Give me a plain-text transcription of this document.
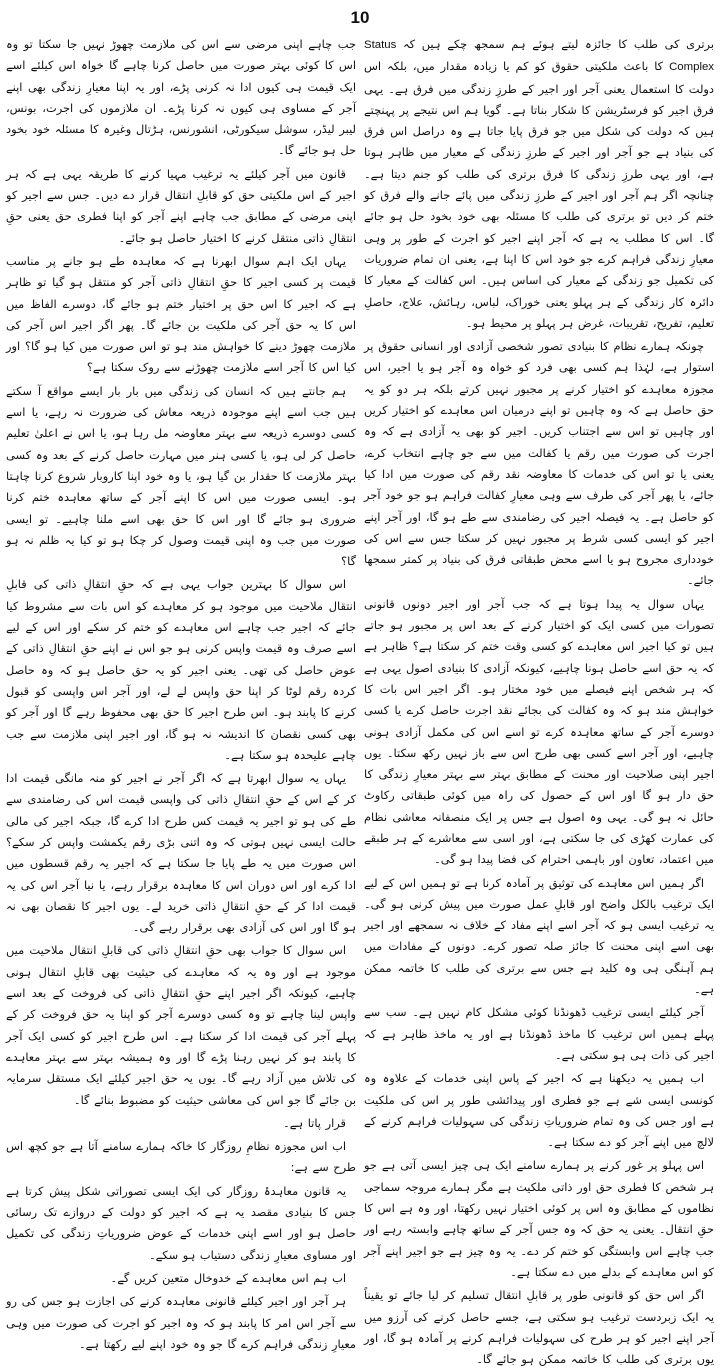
10

برتری کی طلب کا جائزہ لیتے ہوئے ہم سمجھ چکے ہیں کہ Status Complex کا باعث ملکیتی حقوق کو کم یا زیادہ مقدار میں، بلکہ اس دولت کا استعمال یعنی آجر اور اجیر کے طرزِ زندگی میں فرق ہے۔ یہی فرق اجیر کو فرسٹریشن کا شکار بناتا ہے۔ گویا ہم اس نتیجے پر پہنچتے ہیں کہ دولت کی شکل میں جو فرق پایا جاتا ہے وہ دراصل اس فرق کی بنیاد ہے جو آجر اور اجیر کے طرزِ زندگی کے معیار میں ظاہر ہوتا ہے، اور یہی طرزِ زندگی کا فرق برتری کی طلب کو جنم دیتا ہے۔ چنانچہ اگر ہم آجر اور اجیر کے طرزِ زندگی میں پائے جانے والے فرق کو ختم کر دیں تو برتری کی طلب کا مسئلہ بھی خود بخود حل ہو جائے گا۔ اس کا مطلب یہ ہے کہ آجر اپنے اجیر کو اجرت کے طور پر وہی معیارِ زندگی فراہم کرے جو خود اس کا اپنا ہے، یعنی ان تمام ضروریات کی تکمیل جو زندگی کے معیار کی اساس ہیں۔ اس کفالت کے معیار کا دائرہ کار زندگی کے ہر پہلو یعنی خوراک، لباس، رہائش، علاج، حاصلِ تعلیم، تفریح، تقریبات، غرض ہر پہلو پر محیط ہو۔

چونکہ ہمارے نظام کا بنیادی تصور شخصی آزادی اور انسانی حقوق پر استوار ہے، لہٰذا ہم کسی بھی فرد کو خواہ وہ آجر ہو یا اجیر، اس مجوزہ معاہدے کو اختیار کرنے پر مجبور نہیں کرتے بلکہ ہر دو کو یہ حق حاصل ہے کہ وہ چاہیں تو اپنے درمیان اس معاہدے کو اختیار کریں اور چاہیں تو اس سے اجتناب کریں۔ اجیر کو بھی یہ آزادی ہے کہ وہ اجرت کی صورت میں رقم یا کفالت میں سے جو چاہے انتخاب کرے، یعنی یا تو اس کی خدمات کا معاوضہ نقد رقم کی صورت میں ادا کیا جائے، یا پھر آجر کی طرف سے وہی معیارِ کفالت فراہم ہو جو خود آجر کو حاصل ہے۔ یہ فیصلہ اجیر کی رضامندی سے طے ہو گا، اور آجر اپنے اجیر کو ایسی کسی شرط پر مجبور نہیں کر سکتا جس سے اس کی خودداری مجروح ہو یا اسے محض طبقاتی فرق کی بنیاد پر کمتر سمجھا جائے۔

یہاں سوال یہ پیدا ہوتا ہے کہ جب آجر اور اجیر دونوں قانونی تصورات میں کسی ایک کو اختیار کرنے کے بعد اس پر مجبور ہو جاتے ہیں تو کیا اجیر اس معاہدے کو کسی وقت ختم کر سکتا ہے؟ ظاہر ہے کہ یہ حق اسے حاصل ہونا چاہیے، کیونکہ آزادی کا بنیادی اصول یہی ہے کہ ہر شخص اپنے فیصلے میں خود مختار ہو۔ اگر اجیر اس بات کا خواہش مند ہو کہ وہ کفالت کی بجائے نقد اجرت حاصل کرے یا کسی دوسرے آجر کے ساتھ معاہدہ کرے تو اسے اس کی مکمل آزادی ہونی چاہیے، اور آجر اسے کسی بھی طرح اس سے باز نہیں رکھ سکتا۔ یوں اجیر اپنی صلاحیت اور محنت کے مطابق بہتر سے بہتر معیارِ زندگی کا حق دار ہو گا اور اس کے حصول کی راہ میں کوئی طبقاتی رکاوٹ حائل نہ ہو گی۔ یہی وہ اصول ہے جس پر ایک منصفانہ معاشی نظام کی عمارت کھڑی کی جا سکتی ہے، اور اسی سے معاشرے کے ہر طبقے میں اعتماد، تعاون اور باہمی احترام کی فضا پیدا ہو گی۔

اگر ہمیں اس معاہدے کی توثیق پر آمادہ کرنا ہے تو ہمیں اس کے لیے ایک ترغیب بالکل واضح اور قابلِ عمل صورت میں پیش کرنی ہو گی۔ یہ ترغیب ایسی ہو کہ آجر اسے اپنے مفاد کے خلاف نہ سمجھے اور اجیر بھی اسے اپنی محنت کا جائز صلہ تصور کرے۔ دونوں کے مفادات میں ہم آہنگی ہی وہ کلید ہے جس سے برتری کی طلب کا خاتمہ ممکن ہے۔

آجر کیلئے ایسی ترغیب ڈھونڈنا کوئی مشکل کام نہیں ہے۔ سب سے پہلے ہمیں اس ترغیب کا ماخذ ڈھونڈنا ہے اور یہ ماخذ ظاہر ہے کہ اجیر کی ذات ہی ہو سکتی ہے۔

اب ہمیں یہ دیکھنا ہے کہ اجیر کے پاس اپنی خدمات کے علاوہ وہ کونسی ایسی شے ہے جو فطری اور پیدائشی طور پر اس کی ملکیت ہے اور جس کی وہ تمام ضروریاتِ زندگی کی سہولیات فراہم کرنے کے لالچ میں اپنے آجر کو دے سکتا ہے۔

اس پہلو پر غور کرنے پر ہمارے سامنے ایک ہی چیز ایسی آتی ہے جو ہر شخص کا فطری حق اور ذاتی ملکیت ہے مگر ہمارے مروجہ سماجی نظاموں کے مطابق وہ اس پر کوئی اختیار نہیں رکھتا، اور وہ ہے اس کا حقِ انتقال۔ یعنی یہ حق کہ وہ جس آجر کے ساتھ چاہے وابستہ رہے اور جب چاہے اس وابستگی کو ختم کر دے۔ یہ وہ چیز ہے جو اجیر اپنے آجر کو اس معاہدے کے بدلے میں دے سکتا ہے۔

اگر اس حق کو قانونی طور پر قابلِ انتقال تسلیم کر لیا جائے تو یقیناً یہ ایک زبردست ترغیب ہو سکتی ہے، جسے حاصل کرنے کی آرزو میں آجر اپنے اجیر کو ہر طرح کی سہولیات فراہم کرنے پر آمادہ ہو گا، اور یوں برتری کی طلب کا خاتمہ ممکن ہو جائے گا۔

جب چاہے اپنی مرضی سے اس کی ملازمت چھوڑ نہیں جا سکتا تو وہ اس کا کوئی بہتر صورت میں حاصل کرنا چاہے گا خواہ اس کیلئے اسے ایک قیمت ہی کیوں ادا نہ کرنی پڑے، اور یہ اپنا معیارِ زندگی بھی اپنے آجر کے مساوی ہی کیوں نہ کرنا پڑے۔ ان ملازموں کی اجرت، بونس، لیبر لیڈر، سوشل سیکورٹی، انشورنس، ہڑتال وغیرہ کا مسئلہ خود بخود حل ہو جائے گا۔

قانون میں آجر کیلئے یہ ترغیب مہیا کرنے کا طریقہ یہی ہے کہ ہر اجیر کے اس ملکیتی حق کو قابلِ انتقال قرار دے دیں۔ جس سے اجیر کو اپنی مرضی کے مطابق جب چاہے اپنے آجر کو اپنا فطری حق یعنی حقِ انتقالِ ذاتی منتقل کرنے کا اختیار حاصل ہو جائے۔

یہاں ایک اہم سوال ابھرنا ہے کہ معاہدہ طے ہو جانے پر مناسب قیمت پر کسی اجیر کا حقِ انتقالِ ذاتی آجر کو منتقل ہو گیا تو ظاہر ہے کہ اجیر کا اس حق پر اختیار ختم ہو جائے گا، دوسرے الفاظ میں اس کا یہ حق آجر کی ملکیت بن جائے گا۔ پھر اگر اجیر اس آجر کی ملازمت چھوڑ دینے کا خواہش مند ہو تو اس صورت میں کیا ہو گا؟ اور کیا اس کا آجر اسے ملازمت چھوڑنے سے روک سکتا ہے؟

ہم جانتے ہیں کہ انسان کی زندگی میں بار بار ایسے مواقع آ سکتے ہیں جب اسے اپنے موجودہ ذریعہ معاش کی ضرورت نہ رہے، یا اسے کسی دوسرے ذریعہ سے بہتر معاوضہ مل رہا ہو، یا اس نے اعلیٰ تعلیم حاصل کر لی ہو، یا کسی ہنر میں مہارت حاصل کرنے کے بعد وہ کسی بہتر ملازمت کا حقدار بن گیا ہو، یا وہ خود اپنا کاروبار شروع کرنا چاہتا ہو۔ ایسی صورت میں اس کا اپنے آجر کے ساتھ معاہدہ ختم کرنا ضروری ہو جائے گا اور اس کا حق بھی اسے ملنا چاہیے۔ تو ایسی صورت میں جب وہ اپنی قیمت وصول کر چکا ہو تو کیا یہ ظلم نہ ہو گا؟

اس سوال کا بہترین جواب یہی ہے کہ حقِ انتقالِ ذاتی کی قابلِ انتقال ملاحیت میں موجود ہو کر معاہدے کو اس بات سے مشروط کیا جائے کہ اجیر جب چاہے اس معاہدے کو ختم کر سکے اور اس کے لیے اسے صرف وہ قیمت واپس کرنی ہو جو اس نے اپنے حقِ انتقالِ ذاتی کے عوض حاصل کی تھی۔ یعنی اجیر کو یہ حق حاصل ہو کہ وہ حاصل کردہ رقم لوٹا کر اپنا حق واپس لے لے، اور آجر اس واپسی کو قبول کرنے کا پابند ہو۔ اس طرح اجیر کا حق بھی محفوظ رہے گا اور آجر کو بھی کسی نقصان کا اندیشہ نہ ہو گا، اور اجیر اپنی ملازمت سے جب چاہے علیحدہ ہو سکتا ہے۔

یہاں یہ سوال ابھرتا ہے کہ اگر آجر نے اجیر کو منہ مانگی قیمت ادا کر کے اس کے حقِ انتقالِ ذاتی کی واپسی قیمت اس کی رضامندی سے طے کی ہو تو اجیر یہ قیمت کس طرح ادا کرے گا، جبکہ اجیر کی مالی حالت ایسی نہیں ہوتی کہ وہ اتنی بڑی رقم یکمشت واپس کر سکے؟ اس صورت میں یہ طے پایا جا سکتا ہے کہ اجیر یہ رقم قسطوں میں ادا کرے اور اس دوران اس کا معاہدہ برقرار رہے، یا نیا آجر اس کی یہ قیمت ادا کر کے حقِ انتقالِ ذاتی خرید لے۔ یوں اجیر کا نقصان بھی نہ ہو گا اور اس کی آزادی بھی برقرار رہے گی۔

اس سوال کا جواب بھی حقِ انتقالِ ذاتی کی قابلِ انتقال ملاحیت میں موجود ہے اور وہ یہ کہ معاہدے کی حیثیت بھی قابلِ انتقال ہونی چاہیے، کیونکہ اگر اجیر اپنے حقِ انتقالِ ذاتی کی فروخت کے بعد اسے واپس لینا چاہے تو وہ کسی دوسرے آجر کو اپنا یہ حق فروخت کر کے پہلے آجر کی قیمت ادا کر سکتا ہے۔ اس طرح اجیر کو کسی ایک آجر کا پابند ہو کر نہیں رہنا پڑے گا اور وہ ہمیشہ بہتر سے بہتر معاہدے کی تلاش میں آزاد رہے گا۔ یوں یہ حق اجیر کیلئے ایک مستقل سرمایہ بن جائے گا جو اس کی معاشی حیثیت کو مضبوط بنائے گا۔

قرار پاتا ہے۔

اب اس مجوزہ نظامِ روزگار کا خاکہ ہمارے سامنے آتا ہے جو کچھ اس طرح سے ہے:

یہ قانون معاہدۂ روزگار کی ایک ایسی تصوراتی شکل پیش کرتا ہے جس کا بنیادی مقصد یہ ہے کہ اجیر کو دولت کے دروازے تک رسائی حاصل ہو اور اسے اپنی خدمات کے عوض ضروریاتِ زندگی کی تکمیل اور مساوی معیارِ زندگی دستیاب ہو سکے۔

اب ہم اس معاہدے کے خدوخال متعین کریں گے۔

ہر آجر اور اجیر کیلئے قانونی معاہدہ کرنے کی اجازت ہو جس کی رو سے آجر اس امر کا پابند ہو کہ وہ اجیر کو اجرت کی صورت میں وہی معیارِ زندگی فراہم کرے گا جو وہ خود اپنے لیے رکھتا ہے۔
